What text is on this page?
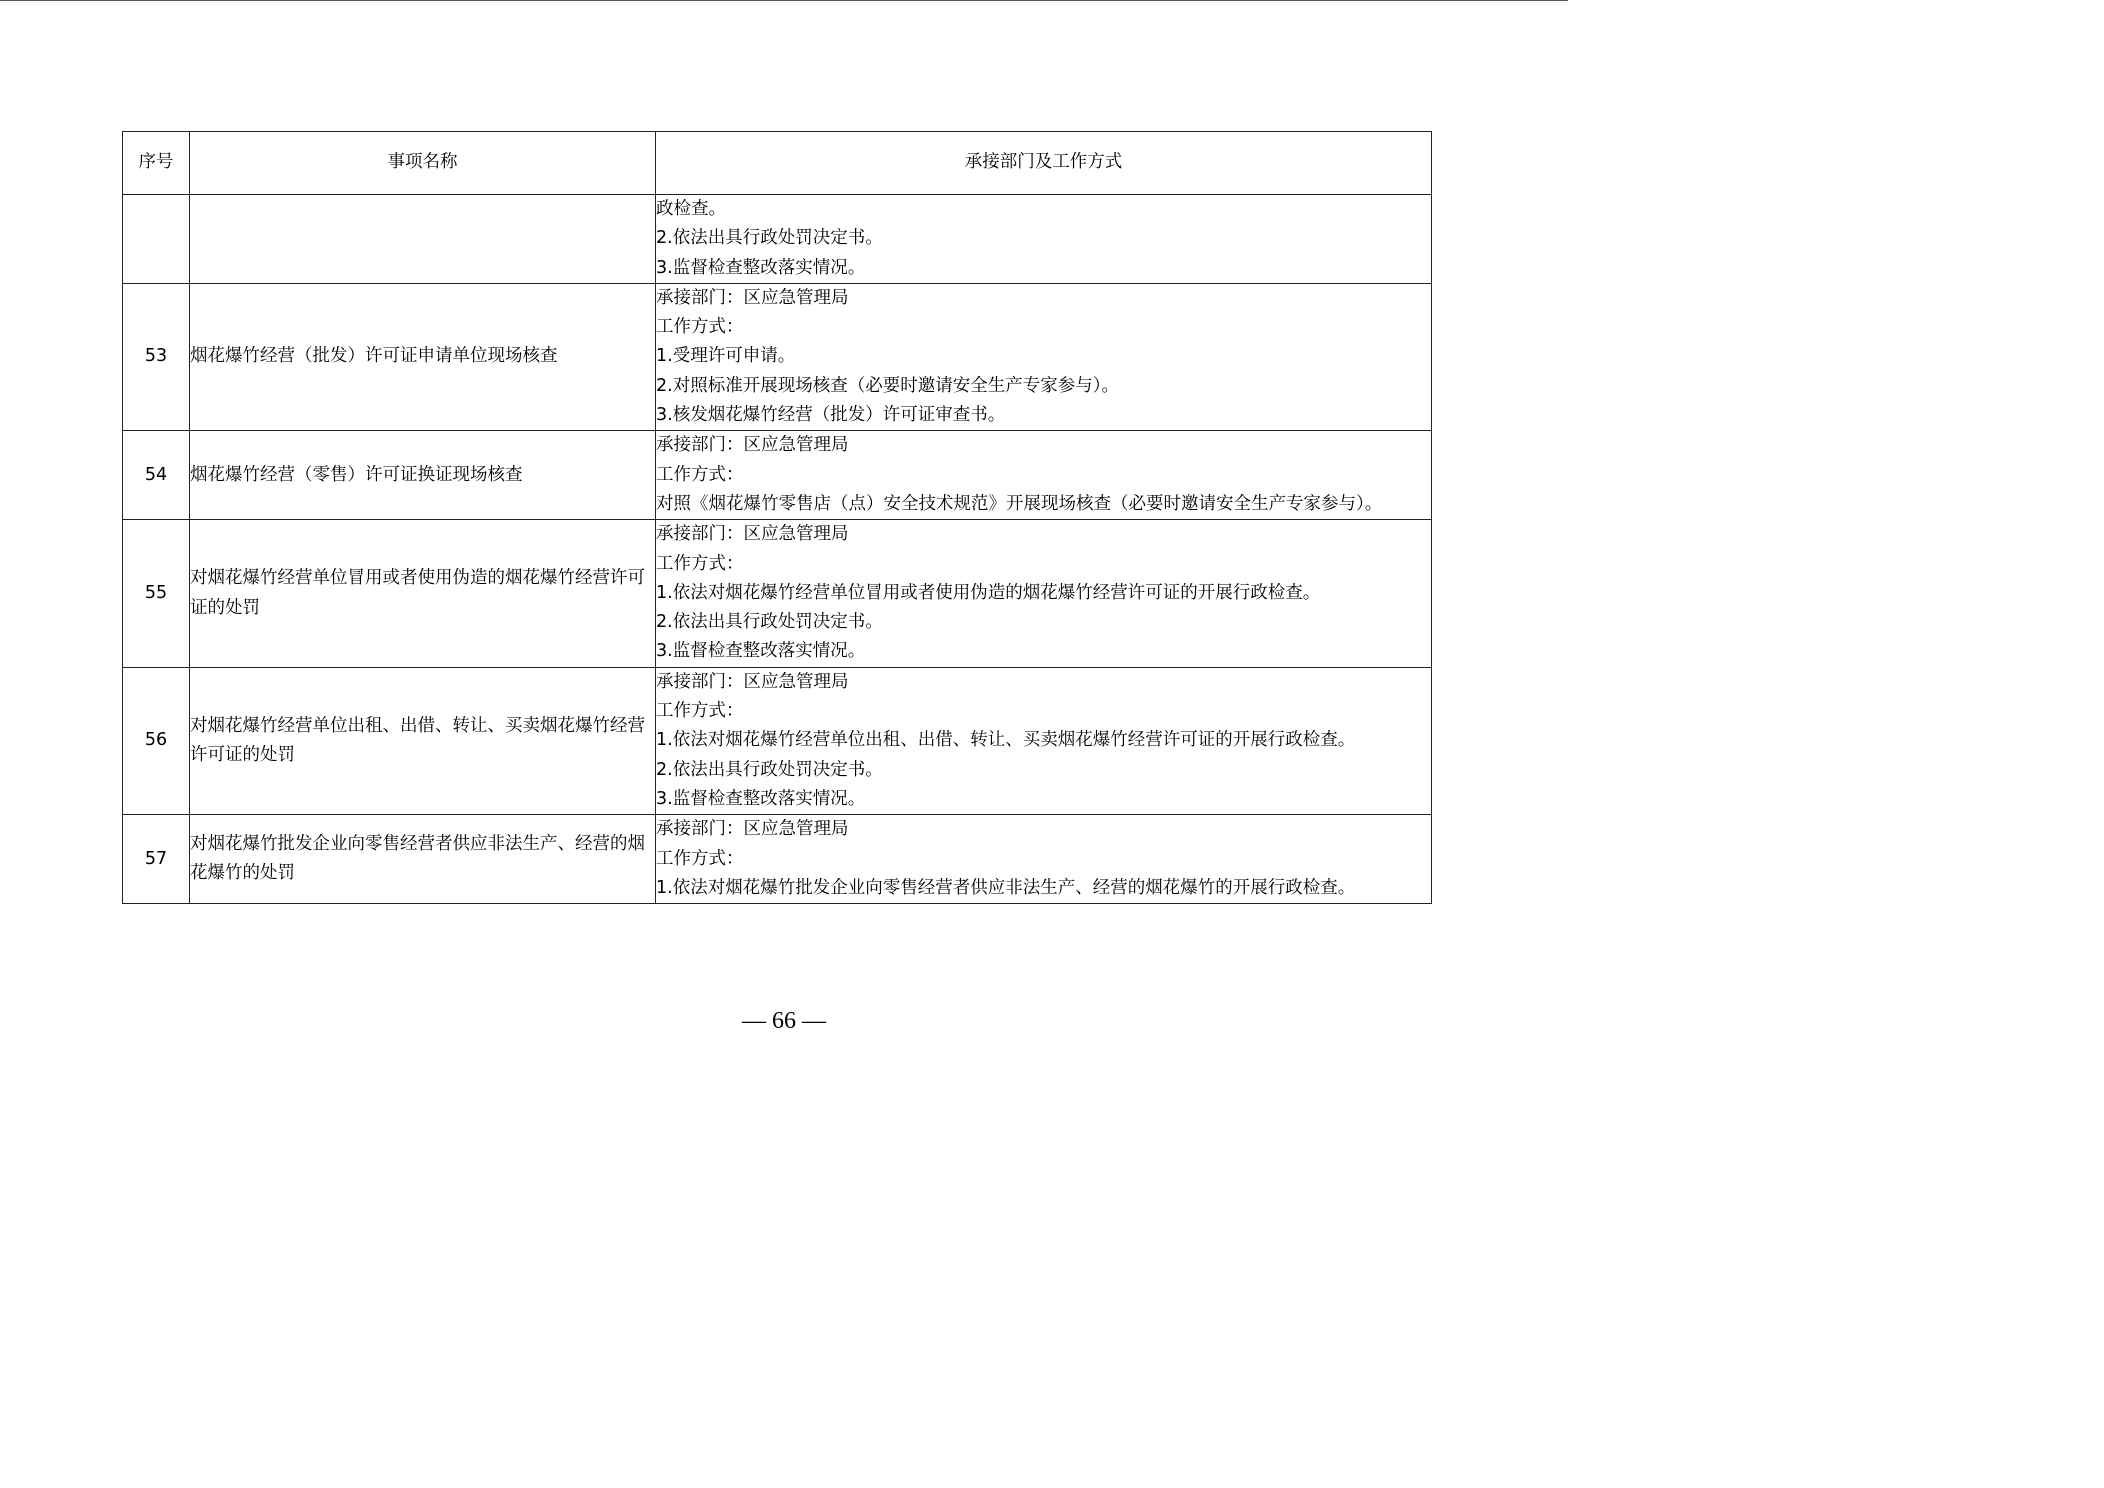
序号	事项名称	承接部门及工作方式

		政检查。
2.依法出具行政处罚决定书。
3.监督检查整改落实情况。

53	烟花爆竹经营（批发）许可证申请单位现场核查	承接部门：区应急管理局
工作方式：
1.受理许可申请。
2.对照标准开展现场核查（必要时邀请安全生产专家参与）。
3.核发烟花爆竹经营（批发）许可证审查书。

54	烟花爆竹经营（零售）许可证换证现场核查	承接部门：区应急管理局
工作方式：
对照《烟花爆竹零售店（点）安全技术规范》开展现场核查（必要时邀请安全生产专家参与）。

55	对烟花爆竹经营单位冒用或者使用伪造的烟花爆竹经营许可证的处罚	承接部门：区应急管理局
工作方式：
1.依法对烟花爆竹经营单位冒用或者使用伪造的烟花爆竹经营许可证的开展行政检查。
2.依法出具行政处罚决定书。
3.监督检查整改落实情况。

56	对烟花爆竹经营单位出租、出借、转让、买卖烟花爆竹经营许可证的处罚	承接部门：区应急管理局
工作方式：
1.依法对烟花爆竹经营单位出租、出借、转让、买卖烟花爆竹经营许可证的开展行政检查。
2.依法出具行政处罚决定书。
3.监督检查整改落实情况。

57	对烟花爆竹批发企业向零售经营者供应非法生产、经营的烟花爆竹的处罚	承接部门：区应急管理局
工作方式：
1.依法对烟花爆竹批发企业向零售经营者供应非法生产、经营的烟花爆竹的开展行政检查。
— 66 —
